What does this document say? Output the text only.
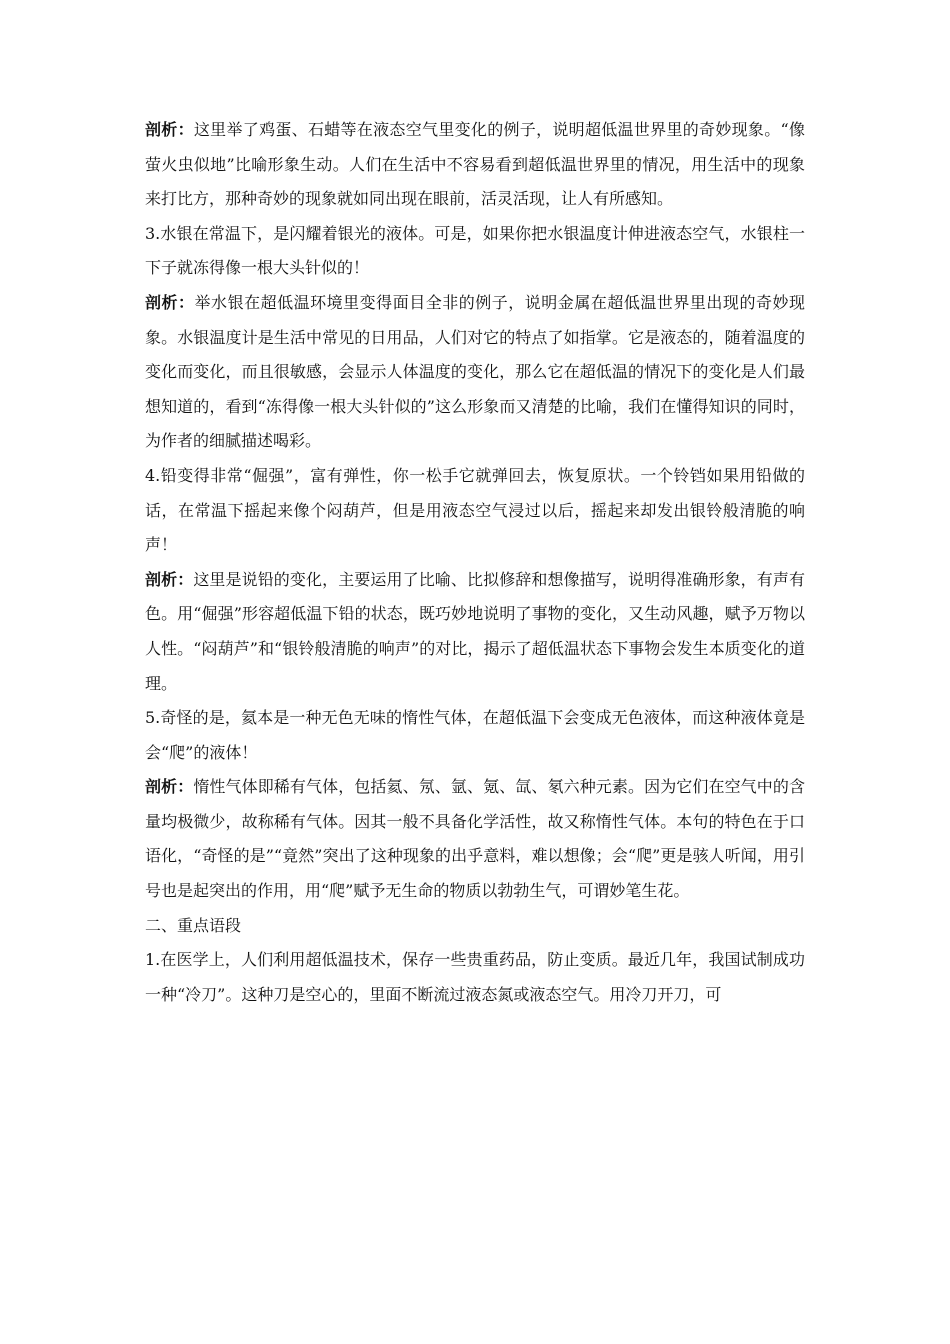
剖析：这里举了鸡蛋、石蜡等在液态空气里变化的例子，说明超低温世界里的奇妙现象。“像萤火虫似地”比喻形象生动。人们在生活中不容易看到超低温世界里的情况，用生活中的现象来打比方，那种奇妙的现象就如同出现在眼前，活灵活现，让人有所感知。

3.水银在常温下，是闪耀着银光的液体。可是，如果你把水银温度计伸进液态空气，水银柱一下子就冻得像一根大头针似的！

剖析：举水银在超低温环境里变得面目全非的例子，说明金属在超低温世界里出现的奇妙现象。水银温度计是生活中常见的日用品，人们对它的特点了如指掌。它是液态的，随着温度的变化而变化，而且很敏感，会显示人体温度的变化，那么它在超低温的情况下的变化是人们最想知道的，看到“冻得像一根大头针似的”这么形象而又清楚的比喻，我们在懂得知识的同时，为作者的细腻描述喝彩。

4.铅变得非常“倔强”，富有弹性，你一松手它就弹回去，恢复原状。一个铃铛如果用铅做的话，在常温下摇起来像个闷葫芦，但是用液态空气浸过以后，摇起来却发出银铃般清脆的响声！

剖析：这里是说铅的变化，主要运用了比喻、比拟修辞和想像描写，说明得准确形象，有声有色。用“倔强”形容超低温下铅的状态，既巧妙地说明了事物的变化，又生动风趣，赋予万物以人性。“闷葫芦”和“银铃般清脆的响声”的对比，揭示了超低温状态下事物会发生本质变化的道理。

5.奇怪的是，氦本是一种无色无味的惰性气体，在超低温下会变成无色液体，而这种液体竟是会“爬”的液体！

剖析：惰性气体即稀有气体，包括氦、氖、氩、氪、氙、氡六种元素。因为它们在空气中的含量均极微少，故称稀有气体。因其一般不具备化学活性，故又称惰性气体。本句的特色在于口语化，“奇怪的是”“竟然”突出了这种现象的出乎意料，难以想像；会“爬”更是骇人听闻，用引号也是起突出的作用，用“爬”赋予无生命的物质以勃勃生气，可谓妙笔生花。

二、重点语段

1.在医学上，人们利用超低温技术，保存一些贵重药品，防止变质。最近几年，我国试制成功一种“冷刀”。这种刀是空心的，里面不断流过液态氮或液态空气。用冷刀开刀，可
